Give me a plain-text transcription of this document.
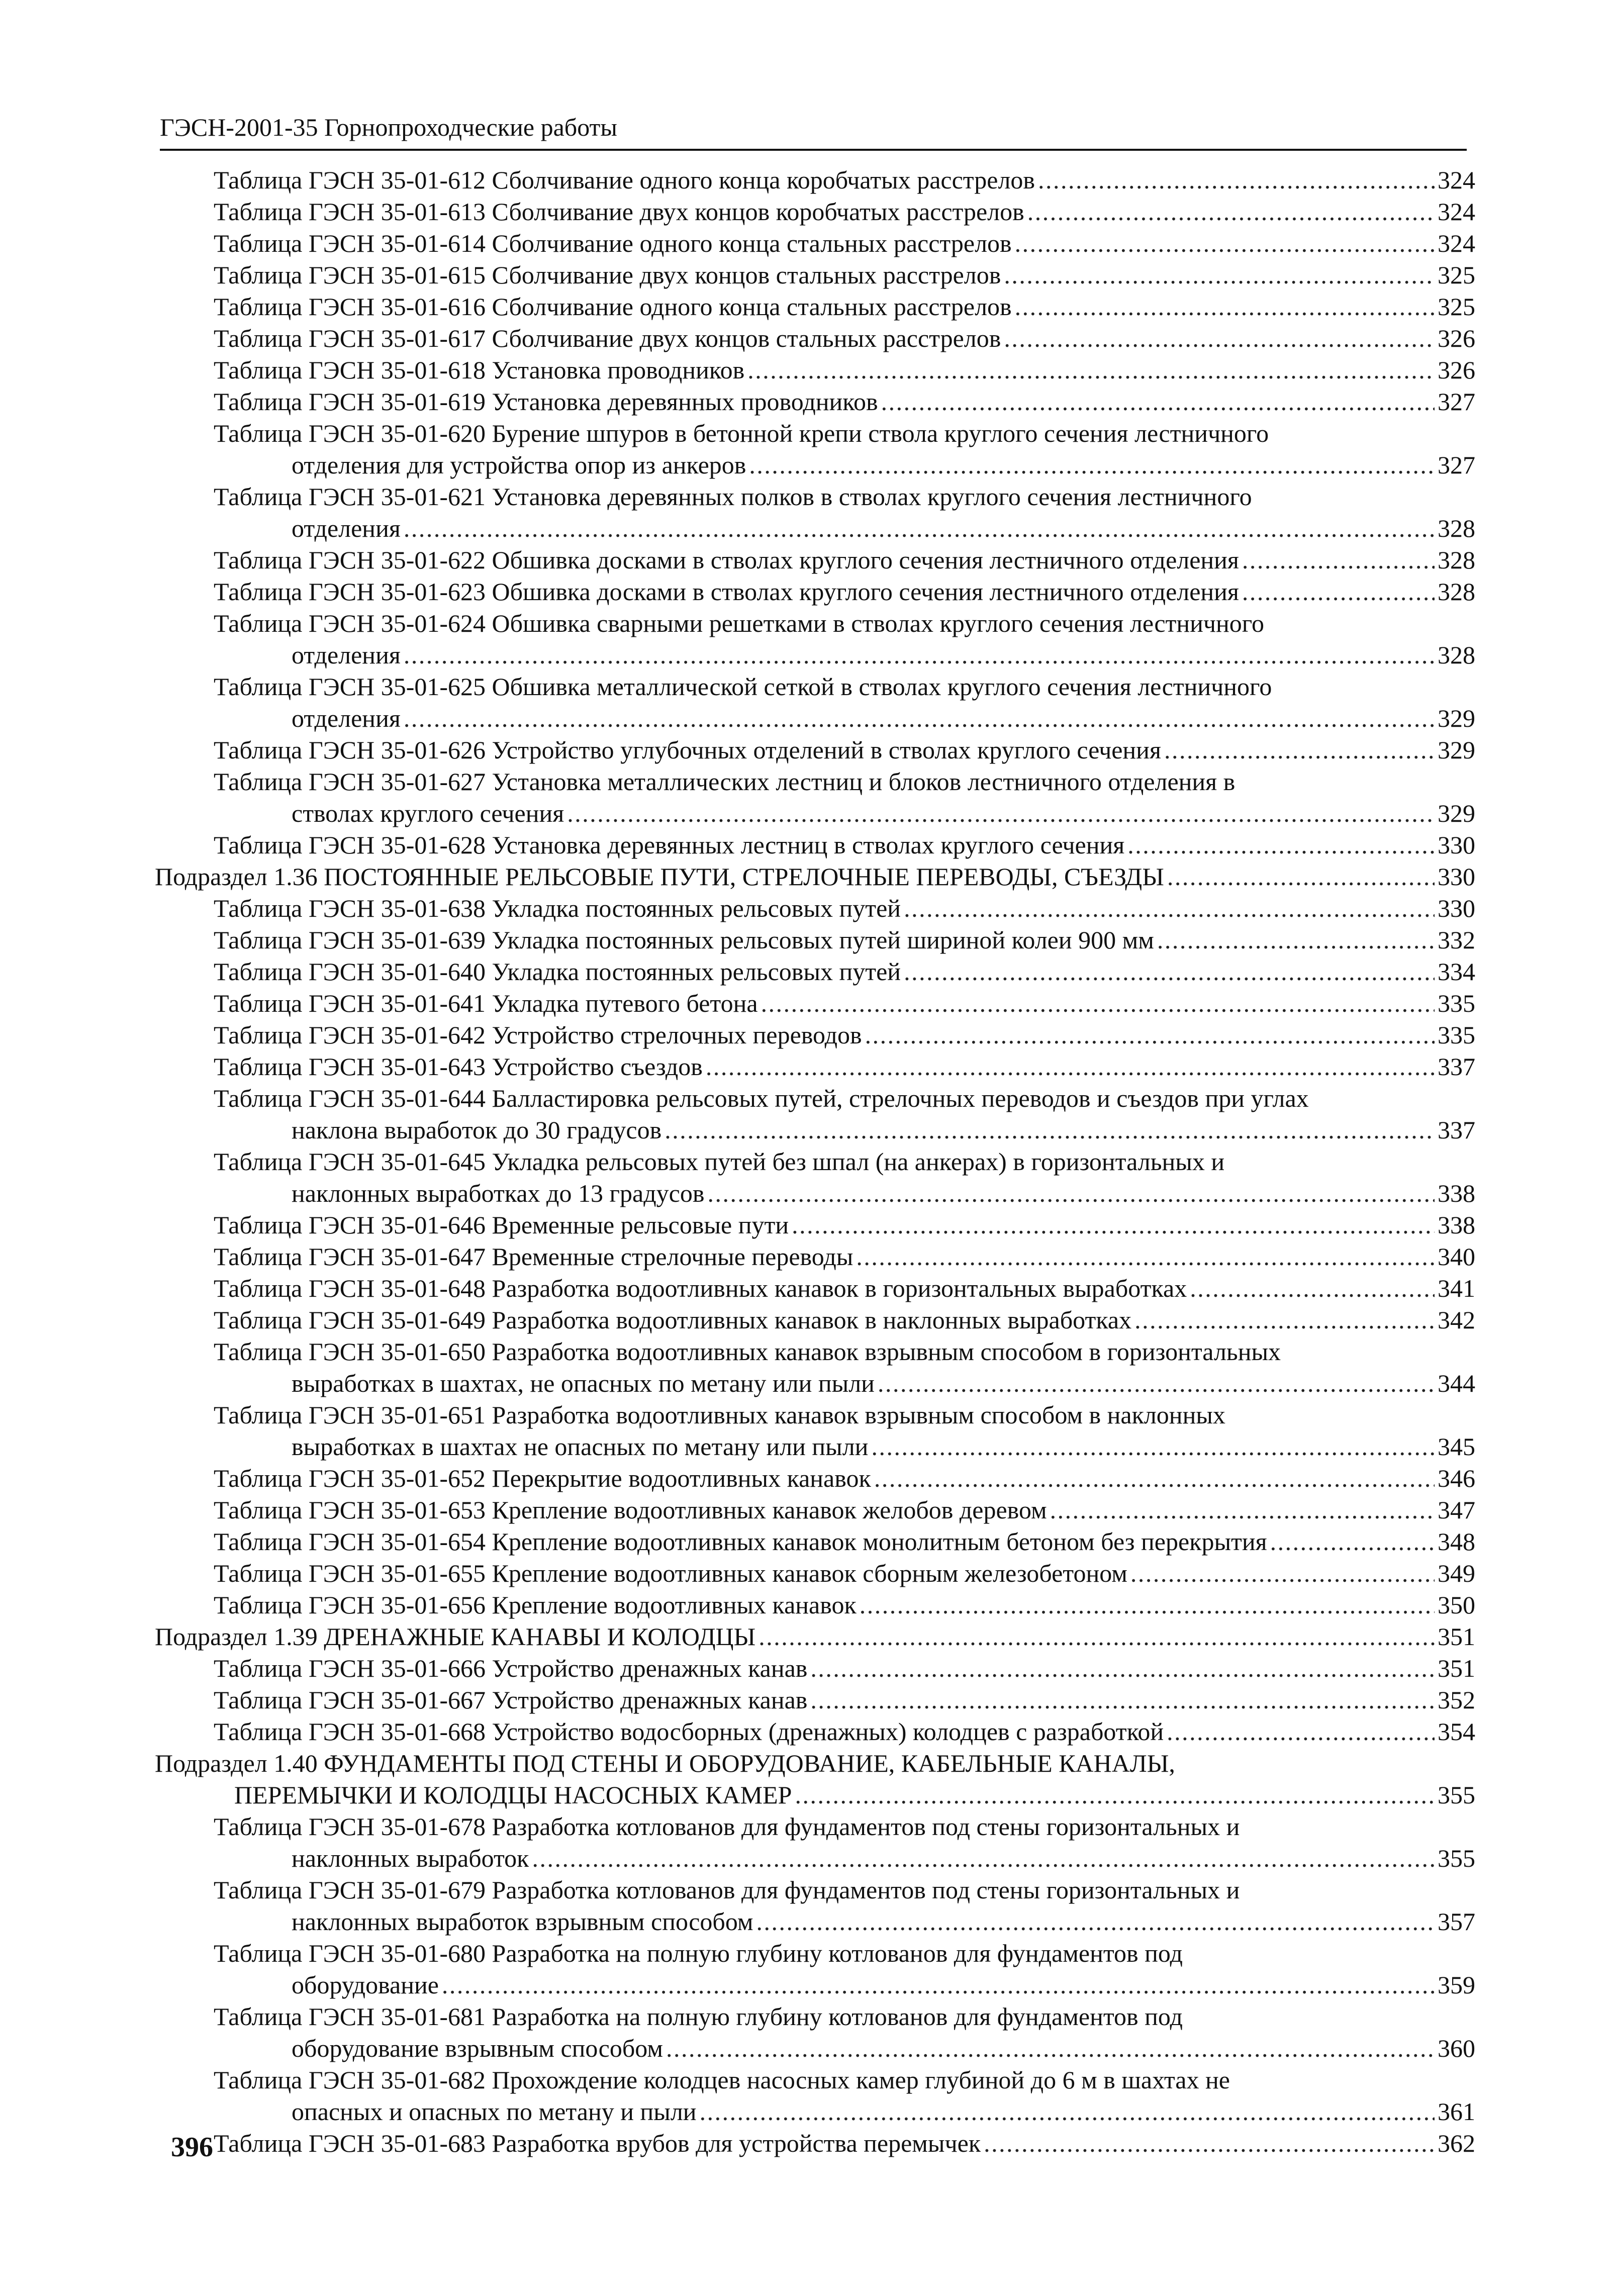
ГЭСН-2001-35 Горнопроходческие работы
Таблица ГЭСН 35-01-612 Сболчивание одного конца коробчатых расстрелов . . .	324
Таблица ГЭСН 35-01-613 Сболчивание двух концов коробчатых расстрелов . . .	324
Таблица ГЭСН 35-01-614 Сболчивание одного конца стальных расстрелов . . .	324
Таблица ГЭСН 35-01-615 Сболчивание двух концов стальных расстрелов . . .	325
Таблица ГЭСН 35-01-616 Сболчивание одного конца стальных расстрелов . . .	325
Таблица ГЭСН 35-01-617 Сболчивание двух концов стальных расстрелов . . .	326
Таблица ГЭСН 35-01-618 Установка проводников . . .	326
Таблица ГЭСН 35-01-619 Установка деревянных проводников . . .	327
Таблица ГЭСН 35-01-620 Бурение шпуров в бетонной крепи ствола круглого сечения лестничного
отделения для устройства опор из анкеров . . .	327
Таблица ГЭСН 35-01-621 Установка деревянных полков в стволах круглого сечения лестничного
отделения . . .	328
Таблица ГЭСН 35-01-622 Обшивка досками в стволах круглого сечения лестничного отделения . . .	328
Таблица ГЭСН 35-01-623 Обшивка досками в стволах круглого сечения лестничного отделения . . .	328
Таблица ГЭСН 35-01-624 Обшивка сварными решетками в стволах круглого сечения лестничного
отделения . . .	328
Таблица ГЭСН 35-01-625 Обшивка металлической сеткой в стволах круглого сечения лестничного
отделения . . .	329
Таблица ГЭСН 35-01-626 Устройство углубочных отделений в стволах круглого сечения . . .	329
Таблица ГЭСН 35-01-627 Установка металлических лестниц и блоков лестничного отделения в
стволах круглого сечения . . .	329
Таблица ГЭСН 35-01-628 Установка деревянных лестниц в стволах круглого сечения . . .	330
Подраздел 1.36 ПОСТОЯННЫЕ РЕЛЬСОВЫЕ ПУТИ, СТРЕЛОЧНЫЕ ПЕРЕВОДЫ, СЪЕЗДЫ . . .	330
Таблица ГЭСН 35-01-638 Укладка постоянных рельсовых путей . . .	330
Таблица ГЭСН 35-01-639 Укладка постоянных рельсовых путей шириной колеи 900 мм . . .	332
Таблица ГЭСН 35-01-640 Укладка постоянных рельсовых путей . . .	334
Таблица ГЭСН 35-01-641 Укладка путевого бетона . . .	335
Таблица ГЭСН 35-01-642 Устройство стрелочных переводов . . .	335
Таблица ГЭСН 35-01-643 Устройство съездов . . .	337
Таблица ГЭСН 35-01-644 Балластировка рельсовых путей, стрелочных переводов и съездов при углах
наклона выработок до 30 градусов . . .	337
Таблица ГЭСН 35-01-645 Укладка рельсовых путей без шпал (на анкерах) в горизонтальных и
наклонных выработках до 13 градусов . . .	338
Таблица ГЭСН 35-01-646 Временные рельсовые пути . . .	338
Таблица ГЭСН 35-01-647 Временные стрелочные переводы . . .	340
Таблица ГЭСН 35-01-648 Разработка водоотливных канавок в горизонтальных выработках . . .	341
Таблица ГЭСН 35-01-649 Разработка водоотливных канавок в наклонных выработках . . .	342
Таблица ГЭСН 35-01-650 Разработка водоотливных канавок взрывным способом в горизонтальных
выработках в шахтах, не опасных по метану или пыли . . .	344
Таблица ГЭСН 35-01-651 Разработка водоотливных канавок взрывным способом в наклонных
выработках в шахтах не опасных по метану или пыли . . .	345
Таблица ГЭСН 35-01-652 Перекрытие водоотливных канавок . . .	346
Таблица ГЭСН 35-01-653 Крепление водоотливных канавок желобов деревом . . .	347
Таблица ГЭСН 35-01-654 Крепление водоотливных канавок монолитным бетоном без перекрытия . . .	348
Таблица ГЭСН 35-01-655 Крепление водоотливных канавок сборным железобетоном . . .	349
Таблица ГЭСН 35-01-656 Крепление водоотливных канавок . . .	350
Подраздел 1.39 ДРЕНАЖНЫЕ КАНАВЫ И КОЛОДЦЫ . . .	351
Таблица ГЭСН 35-01-666 Устройство дренажных канав . . .	351
Таблица ГЭСН 35-01-667 Устройство дренажных канав . . .	352
Таблица ГЭСН 35-01-668 Устройство водосборных (дренажных) колодцев с разработкой . . .	354
Подраздел 1.40 ФУНДАМЕНТЫ ПОД СТЕНЫ И ОБОРУДОВАНИЕ, КАБЕЛЬНЫЕ КАНАЛЫ,
ПЕРЕМЫЧКИ И КОЛОДЦЫ НАСОСНЫХ КАМЕР . . .	355
Таблица ГЭСН 35-01-678 Разработка котлованов для фундаментов под стены горизонтальных и
наклонных выработок . . .	355
Таблица ГЭСН 35-01-679 Разработка котлованов для фундаментов под стены горизонтальных и
наклонных выработок взрывным способом . . .	357
Таблица ГЭСН 35-01-680 Разработка на полную глубину котлованов для фундаментов под
оборудование . . .	359
Таблица ГЭСН 35-01-681 Разработка на полную глубину котлованов для фундаментов под
оборудование взрывным способом . . .	360
Таблица ГЭСН 35-01-682 Прохождение колодцев насосных камер глубиной до 6 м в шахтах не
опасных и опасных по метану и пыли . . .	361
Таблица ГЭСН 35-01-683 Разработка врубов для устройства перемычек . . .	362
396
